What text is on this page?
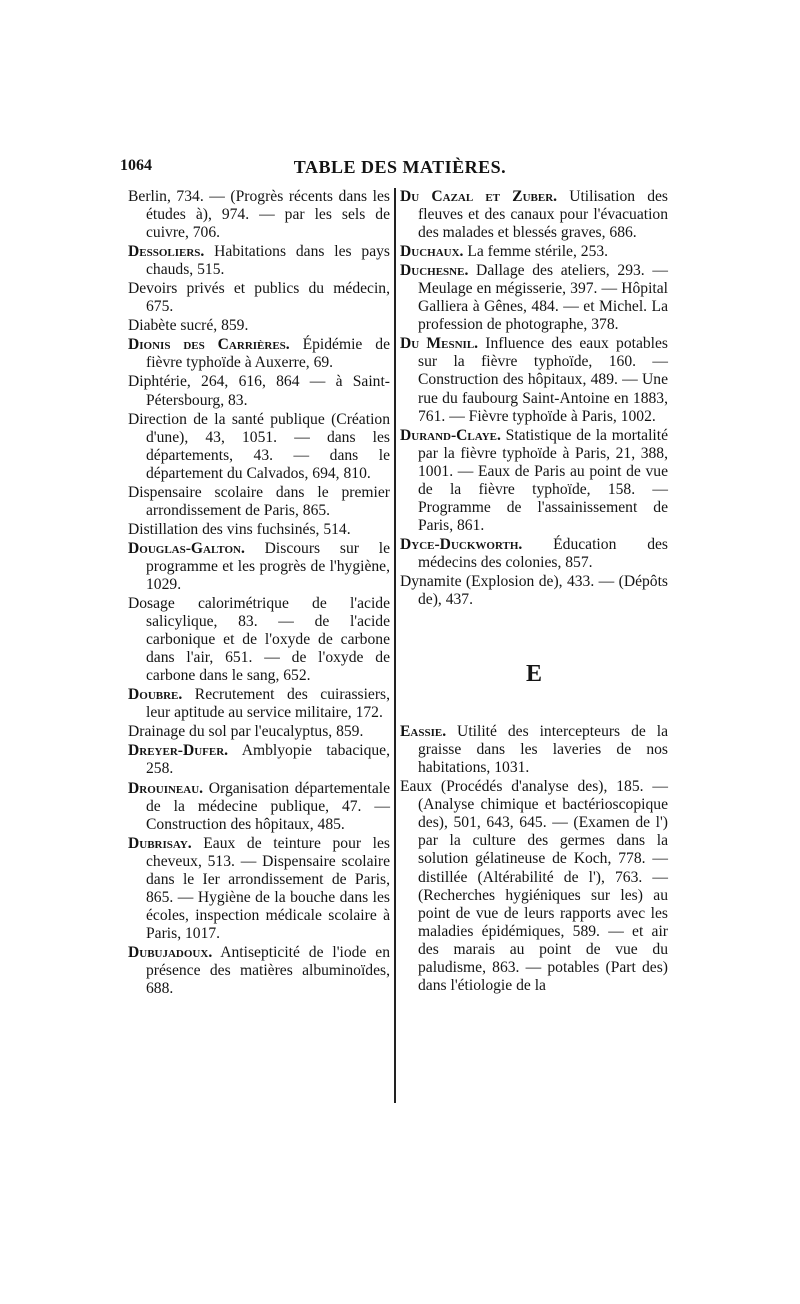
1064	TABLE DES MATIÈRES.

Berlin, 734. — (Progrès récents dans les études à), 974. — par les sels de cuivre, 706.

Dessoliers. Habitations dans les pays chauds, 515.

Devoirs privés et publics du médecin, 675.

Diabète sucré, 859.

Dionis des Carrières. Épidémie de fièvre typhoïde à Auxerre, 69.

Diphtérie, 264, 616, 864 — à Saint-Pétersbourg, 83.

Direction de la santé publique (Création d'une), 43, 1051. — dans les départements, 43. — dans le département du Calvados, 694, 810.

Dispensaire scolaire dans le premier arrondissement de Paris, 865.

Distillation des vins fuchsinés, 514.

Douglas-Galton. Discours sur le programme et les progrès de l'hygiène, 1029.

Dosage calorimétrique de l'acide salicylique, 83. — de l'acide carbonique et de l'oxyde de carbone dans l'air, 651. — de l'oxyde de carbone dans le sang, 652.

Doubre. Recrutement des cuirassiers, leur aptitude au service militaire, 172.

Drainage du sol par l'eucalyptus, 859.

Dreyer-Dufer. Amblyopie tabacique, 258.

Drouineau. Organisation départementale de la médecine publique, 47. — Construction des hôpitaux, 485.

Dubrisay. Eaux de teinture pour les cheveux, 513. — Dispensaire scolaire dans le Ier arrondissement de Paris, 865. — Hygiène de la bouche dans les écoles, inspection médicale scolaire à Paris, 1017.

Dubujadoux. Antisepticité de l'iode en présence des matières albuminoïdes, 688.

Du Cazal et Zuber. Utilisation des fleuves et des canaux pour l'évacuation des malades et blessés graves, 686.

Duchaux. La femme stérile, 253.

Duchesne. Dallage des ateliers, 293. — Meulage en mégisserie, 397. — Hôpital Galliera à Gênes, 484. — et Michel. La profession de photographe, 378.

Du Mesnil. Influence des eaux potables sur la fièvre typhoïde, 160. — Construction des hôpitaux, 489. — Une rue du faubourg Saint-Antoine en 1883, 761. — Fièvre typhoïde à Paris, 1002.

Durand-Claye. Statistique de la mortalité par la fièvre typhoïde à Paris, 21, 388, 1001. — Eaux de Paris au point de vue de la fièvre typhoïde, 158. — Programme de l'assainissement de Paris, 861.

Dyce-Duckworth. Éducation des médecins des colonies, 857.

Dynamite (Explosion de), 433. — (Dépôts de), 437.

E

Eassie. Utilité des intercepteurs de la graisse dans les laveries de nos habitations, 1031.

Eaux (Procédés d'analyse des), 185. — (Analyse chimique et bactérioscopique des), 501, 643, 645. — (Examen de l') par la culture des germes dans la solution gélatineuse de Koch, 778. — distillée (Altérabilité de l'), 763. — (Recherches hygiéniques sur les) au point de vue de leurs rapports avec les maladies épidémiques, 589. — et air des marais au point de vue du paludisme, 863. — potables (Part des) dans l'étiologie de la
